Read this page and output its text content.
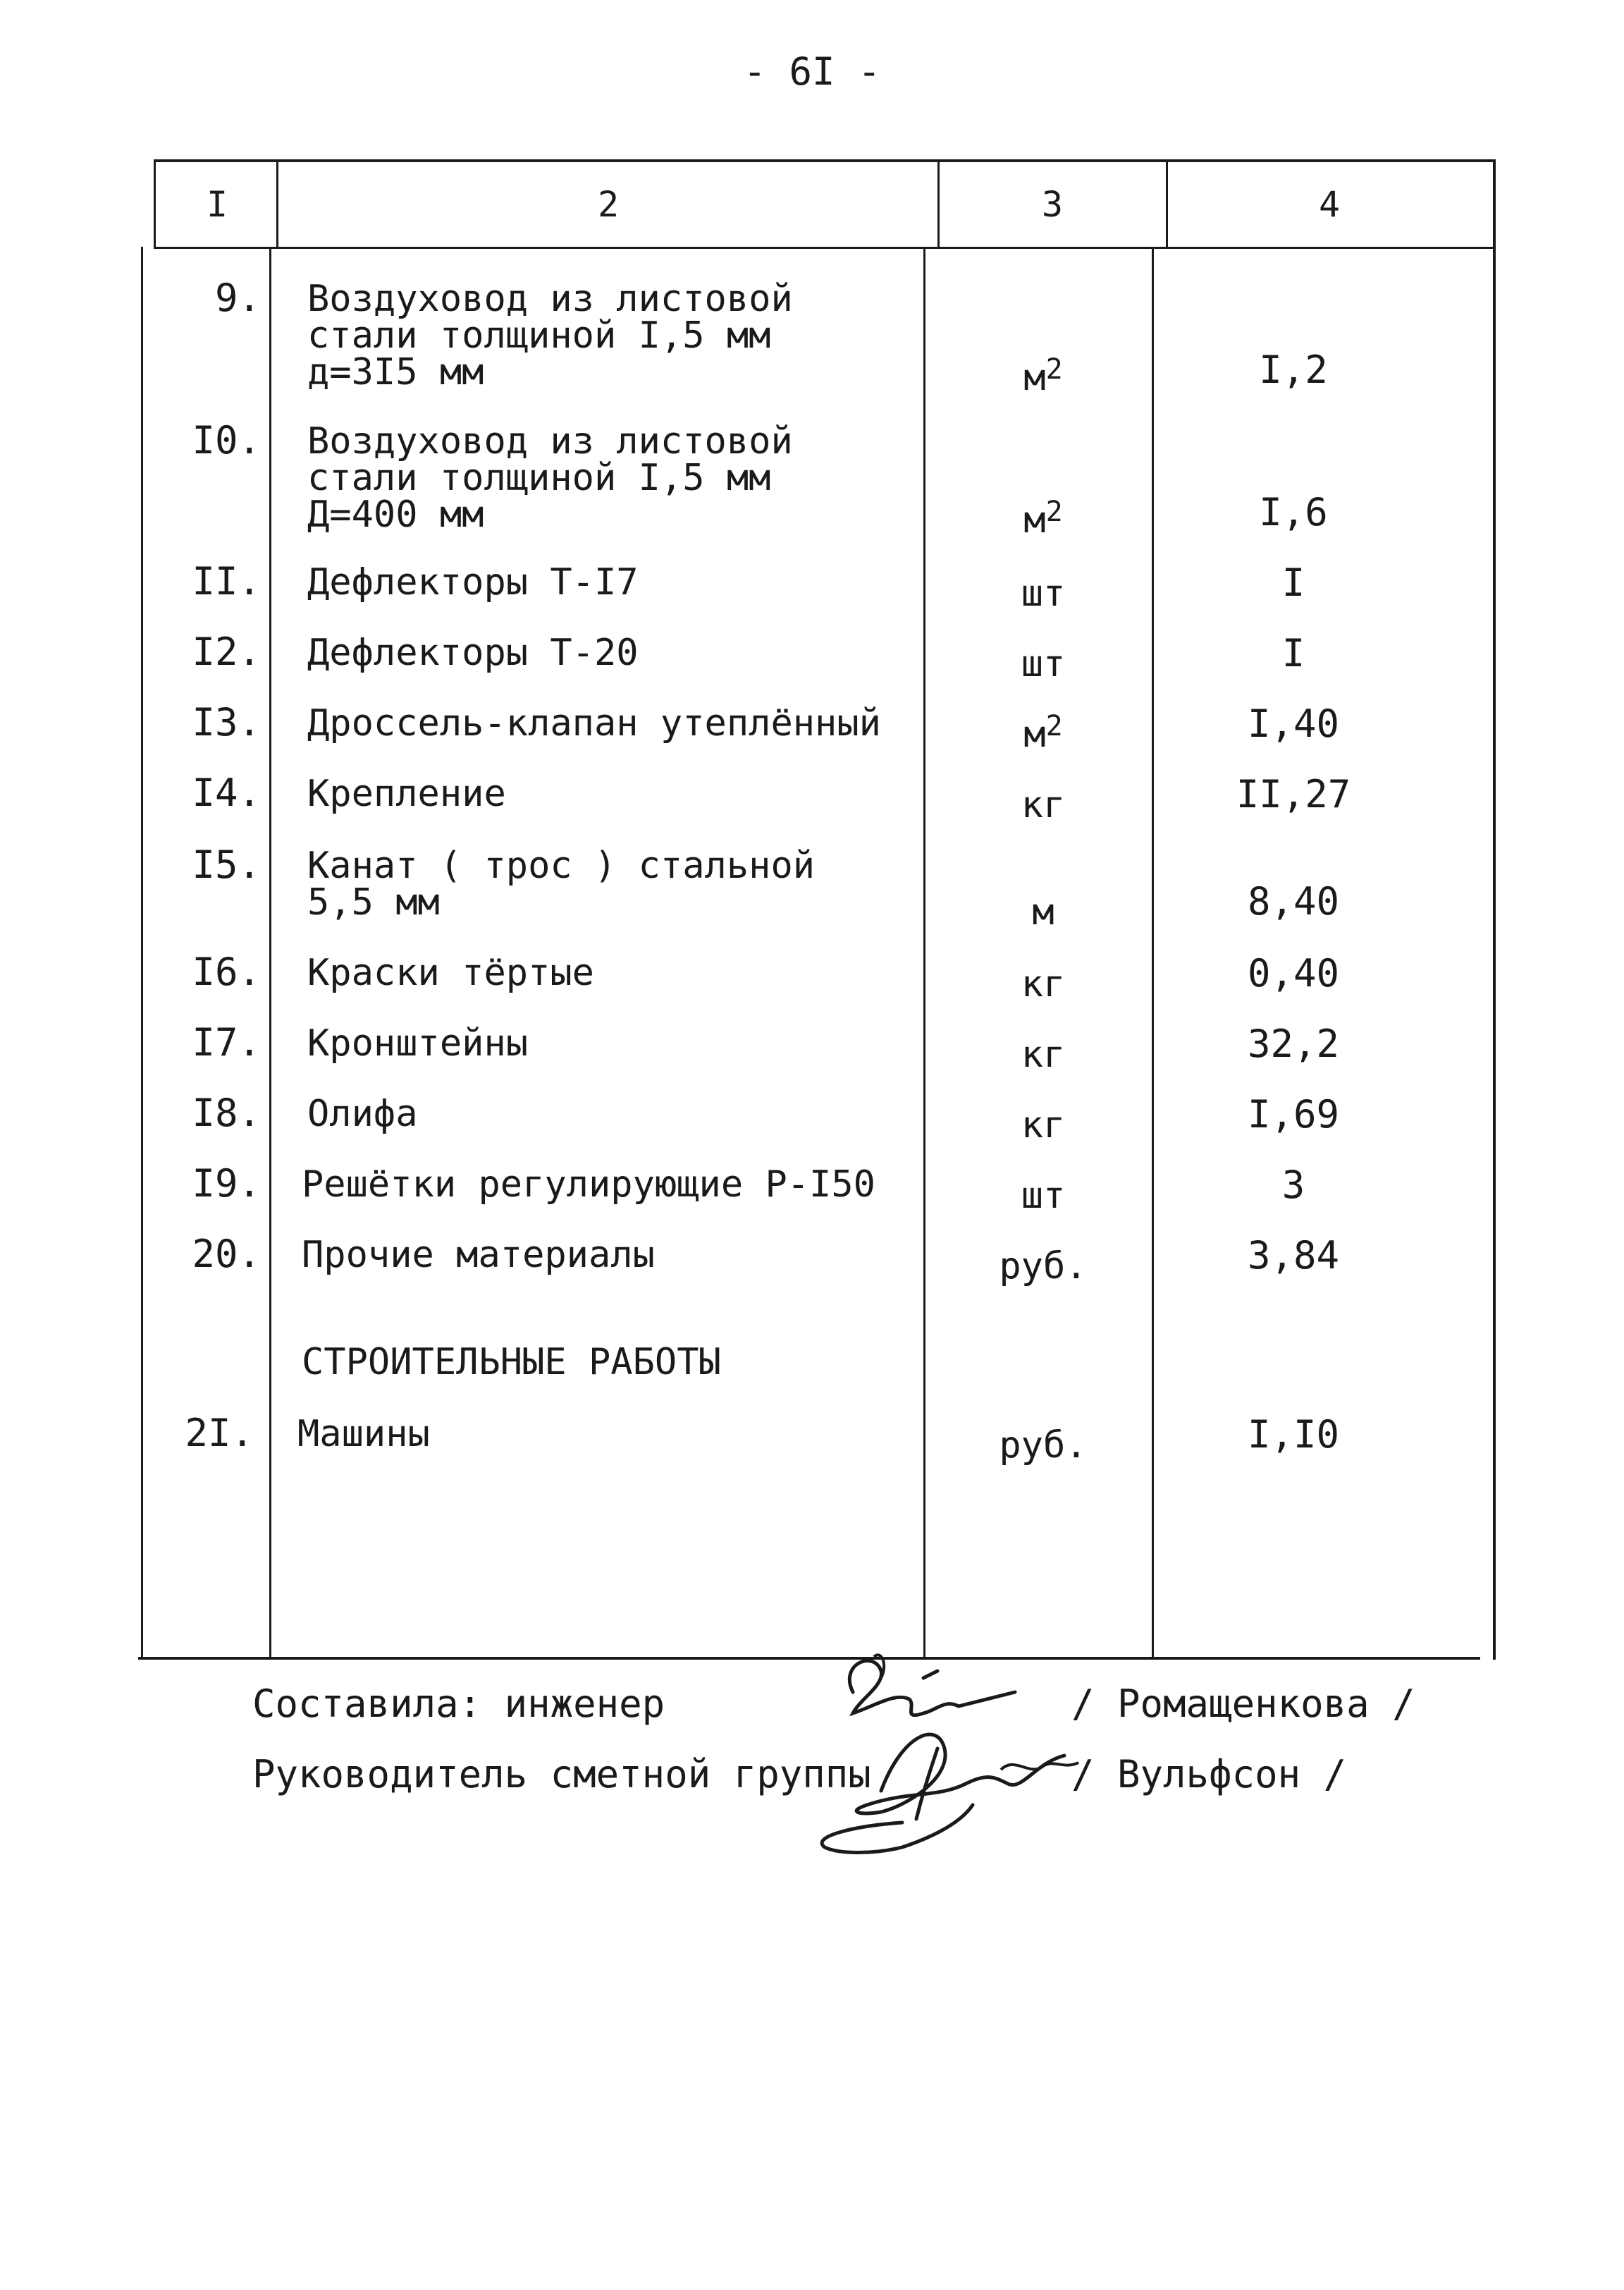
- 6I -
I	2	3	4
9. Воздуховод из листовой
стали толщиной I,5 мм
д=3I5 мм	$м^2$	I,2
I0. Воздуховод из листовой
стали толщиной I,5 мм
Д=400 мм	$м^2$	I,6
II. Дефлекторы Т-I7	шт	I
I2. Дефлекторы Т-20	шт	I
I3. Дроссель-клапан утеплённый	$м^2$	I,40
I4. Крепление	кг	II,27
I5. Канат ( трос ) стальной
5,5 мм	м	8,40
I6. Краски тёртые	кг	0,40
I7. Кронштейны	кг	32,2
I8. Олифа	кг	I,69
I9. Решётки регулирующие Р-I50	шт	3
20. Прочие материалы	руб.	3,84
СТРОИТЕЛЬНЫЕ РАБОТЫ
2I. Машины	руб.	I,I0
Составила: инженер	/ Ромащенкова /
Руководитель сметной группы	/ Вульфсон /
